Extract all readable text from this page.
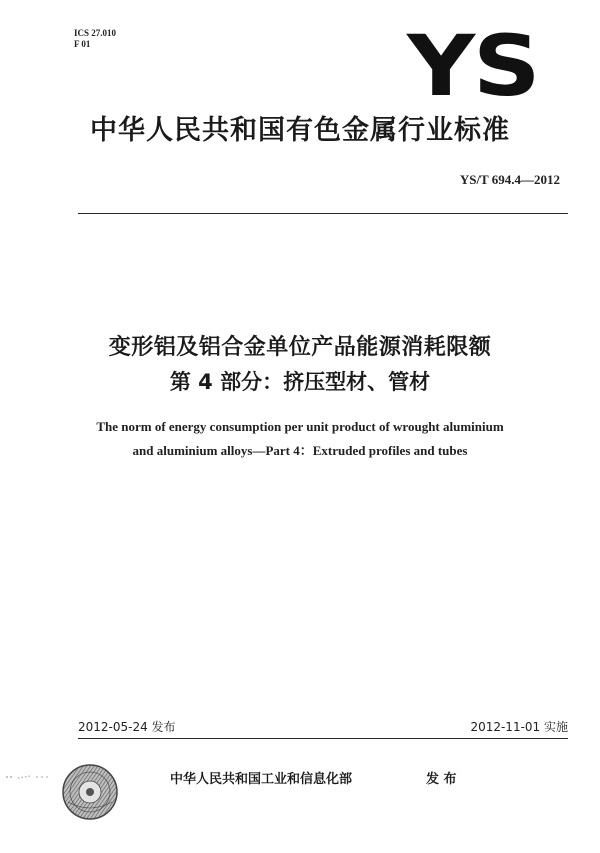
ICS 27.010
F 01	YS
中华人民共和国有色金属行业标准
YS/T 694.4—2012
变形铝及铝合金单位产品能源消耗限额
第 4 部分：挤压型材、管材
The norm of energy consumption per unit product of wrought aluminium
and aluminium alloys—Part 4：Extruded profiles and tubes
2012-05-24 发布	2012-11-01 实施
中华人民共和国工业和信息化部	发 布
